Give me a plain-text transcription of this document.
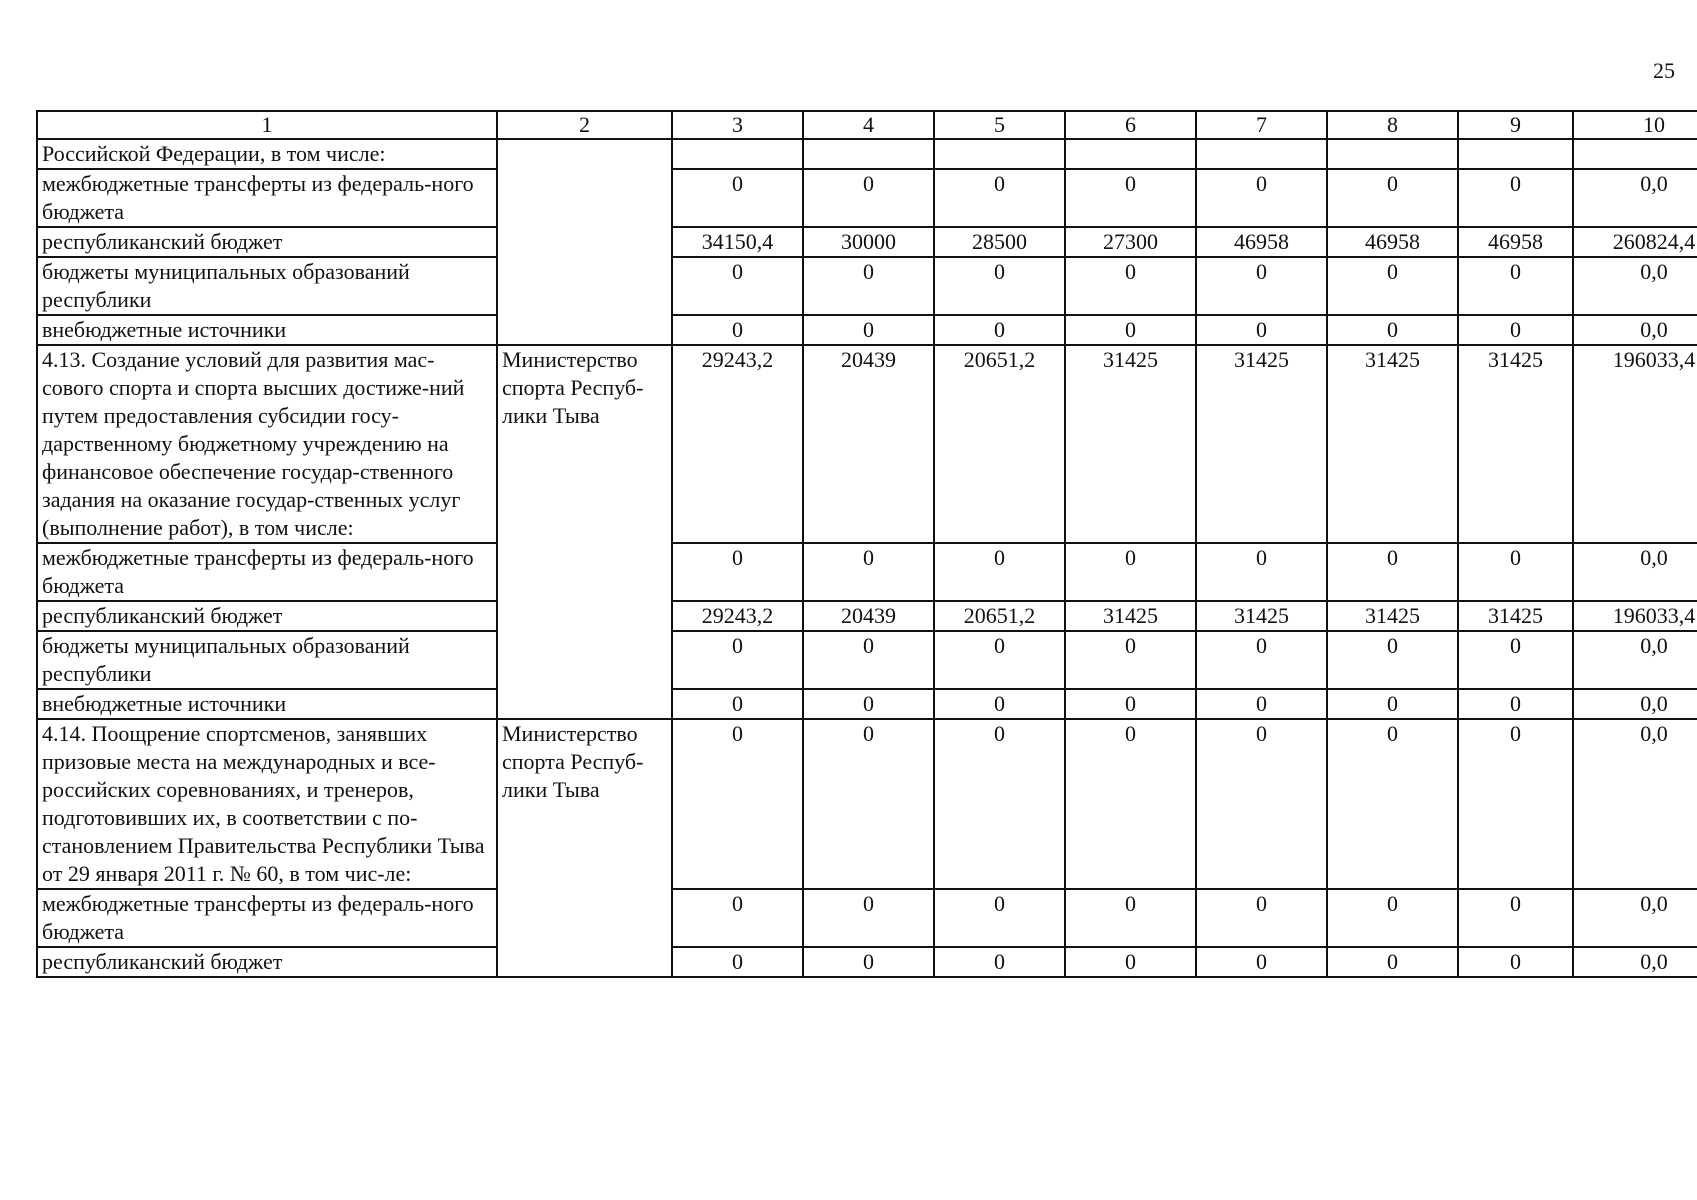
25
1	2	3	4	5	6	7	8	9	10
Российской Федерации, в том числе:									
межбюджетные трансферты из федераль-ного бюджета		0	0	0	0	0	0	0	0,0
республиканский бюджет		34150,4	30000	28500	27300	46958	46958	46958	260824,4
бюджеты муниципальных образований республики		0	0	0	0	0	0	0	0,0
внебюджетные источники		0	0	0	0	0	0	0	0,0
4.13. Создание условий для развития мас-сового спорта и спорта высших достиже-ний путем предоставления субсидии госу-дарственному бюджетному учреждению на финансовое обеспечение государ-ственного задания на оказание государ-ственных услуг (выполнение работ), в том числе:	Министерство спорта Респуб-лики Тыва	29243,2	20439	20651,2	31425	31425	31425	31425	196033,4
межбюджетные трансферты из федераль-ного бюджета		0	0	0	0	0	0	0	0,0
республиканский бюджет		29243,2	20439	20651,2	31425	31425	31425	31425	196033,4
бюджеты муниципальных образований республики		0	0	0	0	0	0	0	0,0
внебюджетные источники		0	0	0	0	0	0	0	0,0
4.14. Поощрение спортсменов, занявших призовые места на международных и все-российских соревнованиях, и тренеров, подготовивших их, в соответствии с по-становлением Правительства Республики Тыва от 29 января 2011 г. № 60, в том чис-ле:	Министерство спорта Респуб-лики Тыва	0	0	0	0	0	0	0	0,0
межбюджетные трансферты из федераль-ного бюджета		0	0	0	0	0	0	0	0,0
республиканский бюджет		0	0	0	0	0	0	0	0,0
